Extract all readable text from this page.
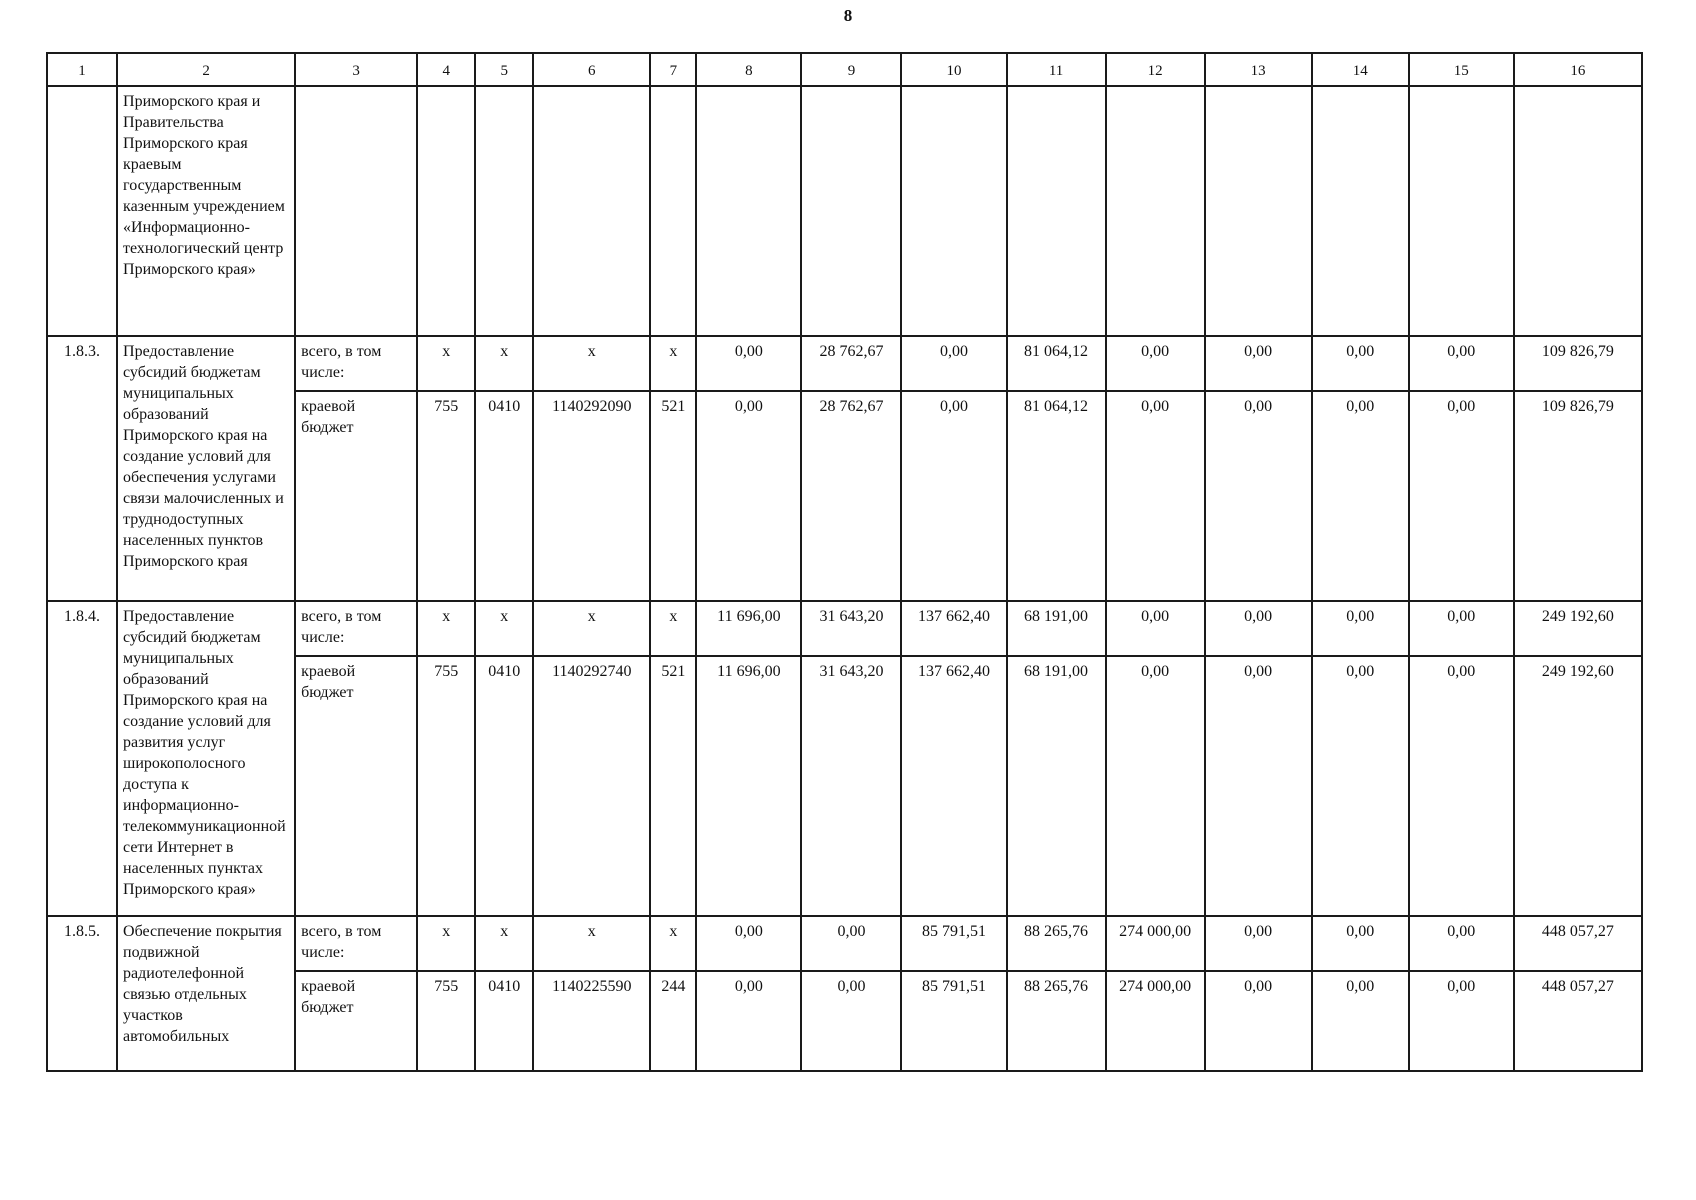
8
1	2	3	4	5	6	7	8	9	10	11	12	13	14	15	16
	Приморского края и Правительства Приморского края краевым государственным казенным учреждением «Информационно-технологический центр Приморского края»														
1.8.3.	Предоставление субсидий бюджетам муниципальных образований Приморского края на создание условий для обеспечения услугами связи малочисленных и труднодоступных населенных пунктов Приморского края	всего, в том числе:	х	х	х	х	0,00	28 762,67	0,00	81 064,12	0,00	0,00	0,00	0,00	109 826,79
		краевой бюджет	755	0410	1140292090	521	0,00	28 762,67	0,00	81 064,12	0,00	0,00	0,00	0,00	109 826,79
1.8.4.	Предоставление субсидий бюджетам муниципальных образований Приморского края на создание условий для развития услуг широкополосного доступа к информационно-телекоммуникационной сети Интернет в населенных пунктах Приморского края»	всего, в том числе:	х	х	х	х	11 696,00	31 643,20	137 662,40	68 191,00	0,00	0,00	0,00	0,00	249 192,60
		краевой бюджет	755	0410	1140292740	521	11 696,00	31 643,20	137 662,40	68 191,00	0,00	0,00	0,00	0,00	249 192,60
1.8.5.	Обеспечение покрытия подвижной радиотелефонной связью отдельных участков автомобильных	всего, в том числе:	х	х	х	х	0,00	0,00	85 791,51	88 265,76	274 000,00	0,00	0,00	0,00	448 057,27
		краевой бюджет	755	0410	1140225590	244	0,00	0,00	85 791,51	88 265,76	274 000,00	0,00	0,00	0,00	448 057,27
